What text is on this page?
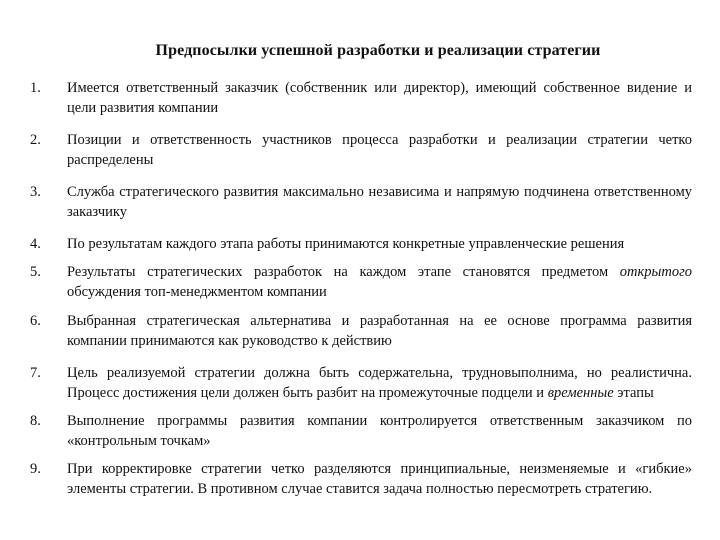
Предпосылки успешной разработки и реализации стратегии
1.	Имеется ответственный заказчик (собственник или директор), имеющий собственное видение и цели развития компании
2.	Позиции и ответственность участников процесса разработки и реализации стратегии четко распределены
3.	Служба стратегического развития максимально независима и напрямую подчинена ответственному заказчику
4.	По результатам каждого этапа работы принимаются конкретные управленческие решения
5.	Результаты стратегических разработок на каждом этапе становятся предметом открытого обсуждения топ-менеджментом компании
6.	Выбранная стратегическая альтернатива и разработанная на ее основе программа развития компании принимаются как руководство к действию
7.	Цель реализуемой стратегии должна быть содержательна, трудновыполнима, но реалистична. Процесс достижения цели должен быть разбит на промежуточные подцели и временные этапы
8.	Выполнение программы развития компании контролируется ответственным заказчиком по «контрольным точкам»
9.	При корректировке стратегии четко разделяются принципиальные, неизменяемые и «гибкие» элементы стратегии. В противном случае ставится задача полностью пересмотреть стратегию.
